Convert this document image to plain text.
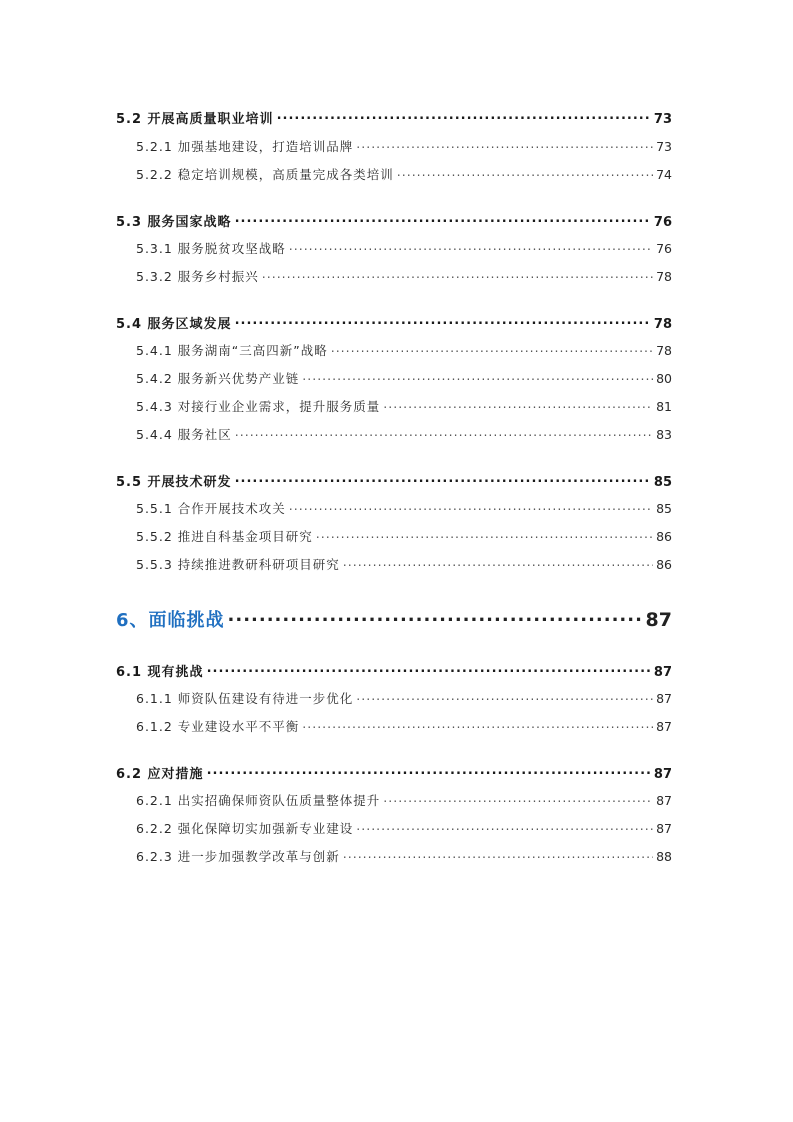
5.2 开展高质量职业培训 .....	73
5.2.1 加强基地建设，打造培训品牌 .....	73
5.2.2 稳定培训规模，高质量完成各类培训 .....	74
5.3 服务国家战略 .....	76
5.3.1 服务脱贫攻坚战略 .....	76
5.3.2 服务乡村振兴 .....	78
5.4 服务区域发展 .....	78
5.4.1 服务湖南“三高四新”战略 .....	78
5.4.2 服务新兴优势产业链 .....	80
5.4.3 对接行业企业需求，提升服务质量 .....	81
5.4.4 服务社区 .....	83
5.5 开展技术研发 .....	85
5.5.1 合作开展技术攻关 .....	85
5.5.2 推进自科基金项目研究 .....	86
5.5.3 持续推进教研科研项目研究 .....	86
6、面临挑战 .....	87
6.1 现有挑战 .....	87
6.1.1 师资队伍建设有待进一步优化 .....	87
6.1.2 专业建设水平不平衡 .....	87
6.2 应对措施 .....	87
6.2.1 出实招确保师资队伍质量整体提升 .....	87
6.2.2 强化保障切实加强新专业建设 .....	87
6.2.3 进一步加强教学改革与创新 .....	88
